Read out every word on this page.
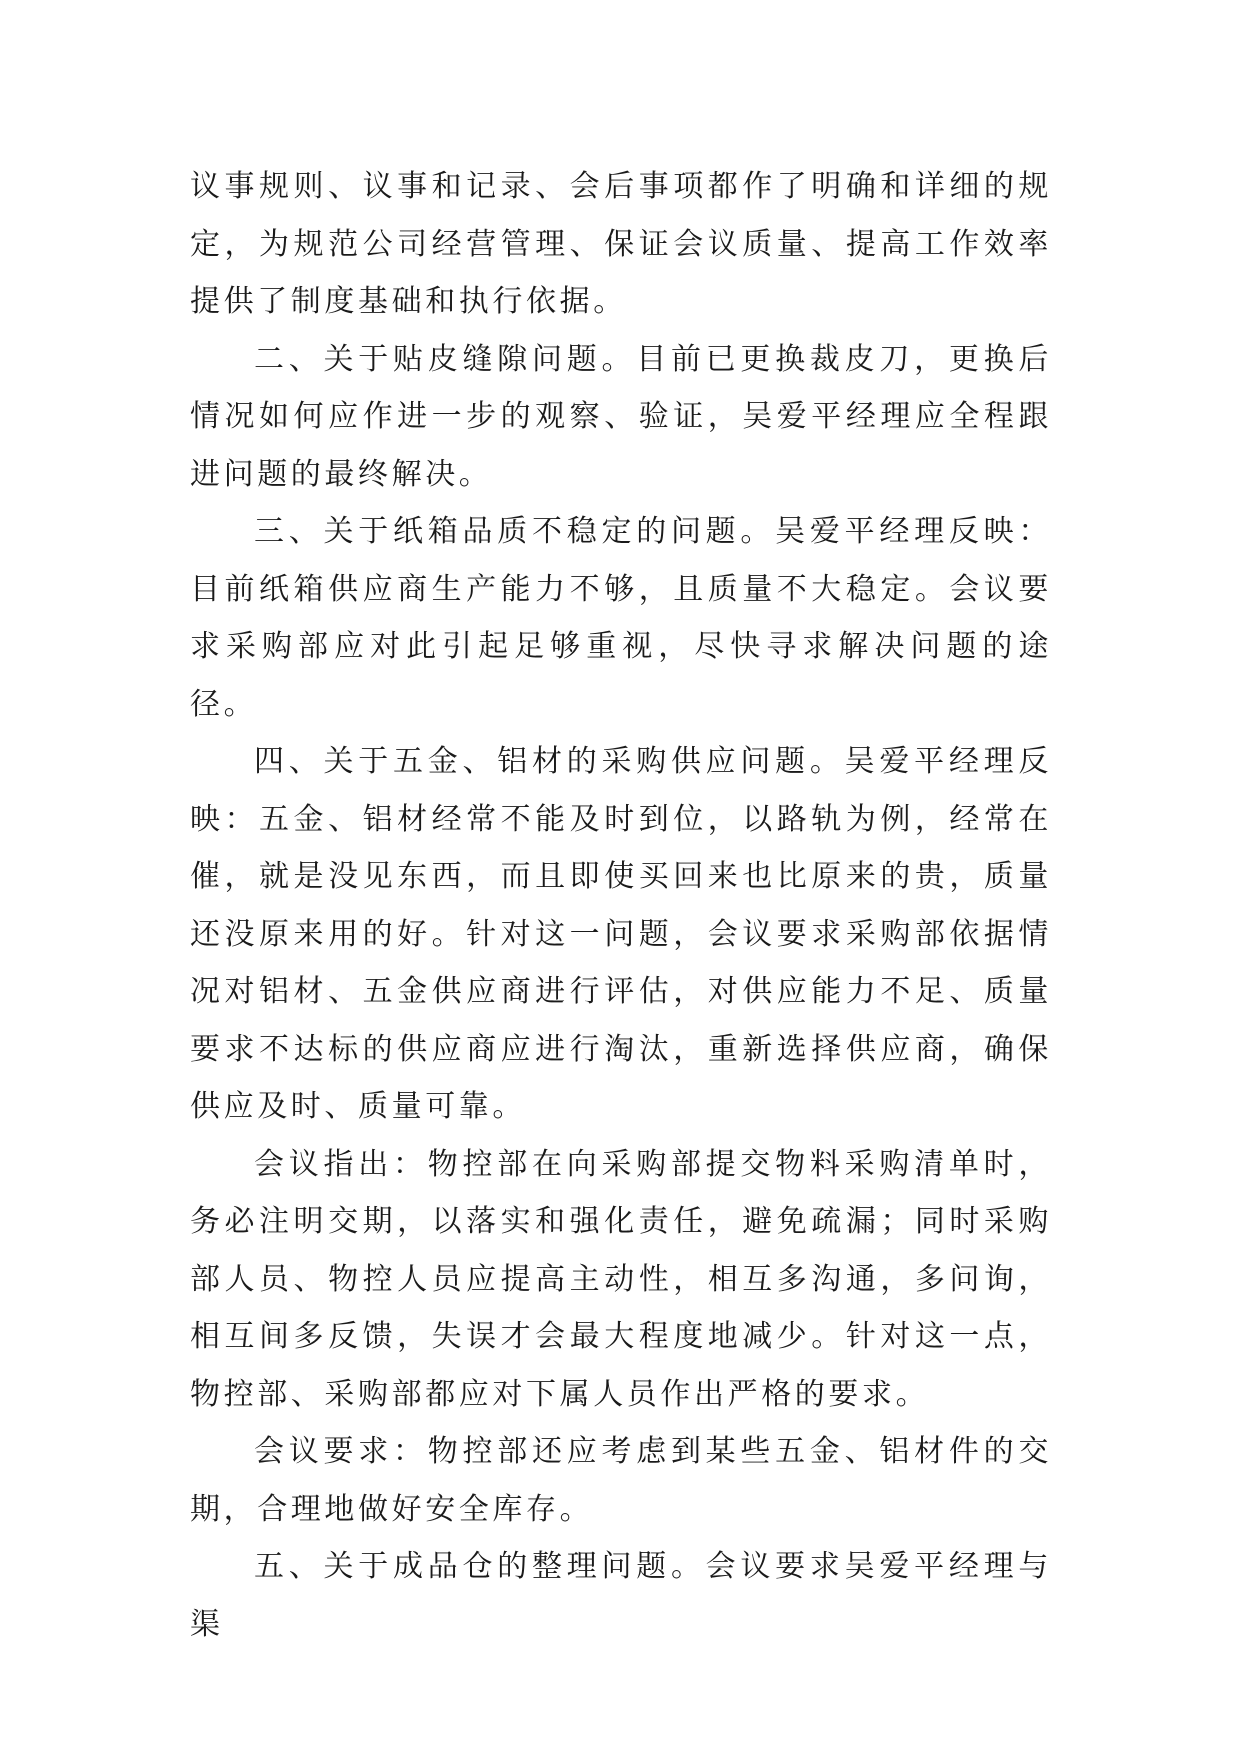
议事规则、议事和记录、会后事项都作了明确和详细的规定，为规范公司经营管理、保证会议质量、提高工作效率提供了制度基础和执行依据。

二、关于贴皮缝隙问题。目前已更换裁皮刀，更换后情况如何应作进一步的观察、验证，吴爱平经理应全程跟进问题的最终解决。

三、关于纸箱品质不稳定的问题。吴爱平经理反映：目前纸箱供应商生产能力不够，且质量不大稳定。会议要求采购部应对此引起足够重视，尽快寻求解决问题的途径。

四、关于五金、铝材的采购供应问题。吴爱平经理反映：五金、铝材经常不能及时到位，以路轨为例，经常在催，就是没见东西，而且即使买回来也比原来的贵，质量还没原来用的好。针对这一问题，会议要求采购部依据情况对铝材、五金供应商进行评估，对供应能力不足、质量要求不达标的供应商应进行淘汰，重新选择供应商，确保供应及时、质量可靠。

会议指出：物控部在向采购部提交物料采购清单时，务必注明交期，以落实和强化责任，避免疏漏；同时采购部人员、物控人员应提高主动性，相互多沟通，多问询，相互间多反馈，失误才会最大程度地减少。针对这一点，物控部、采购部都应对下属人员作出严格的要求。

会议要求：物控部还应考虑到某些五金、铝材件的交期，合理地做好安全库存。

五、关于成品仓的整理问题。会议要求吴爱平经理与渠
